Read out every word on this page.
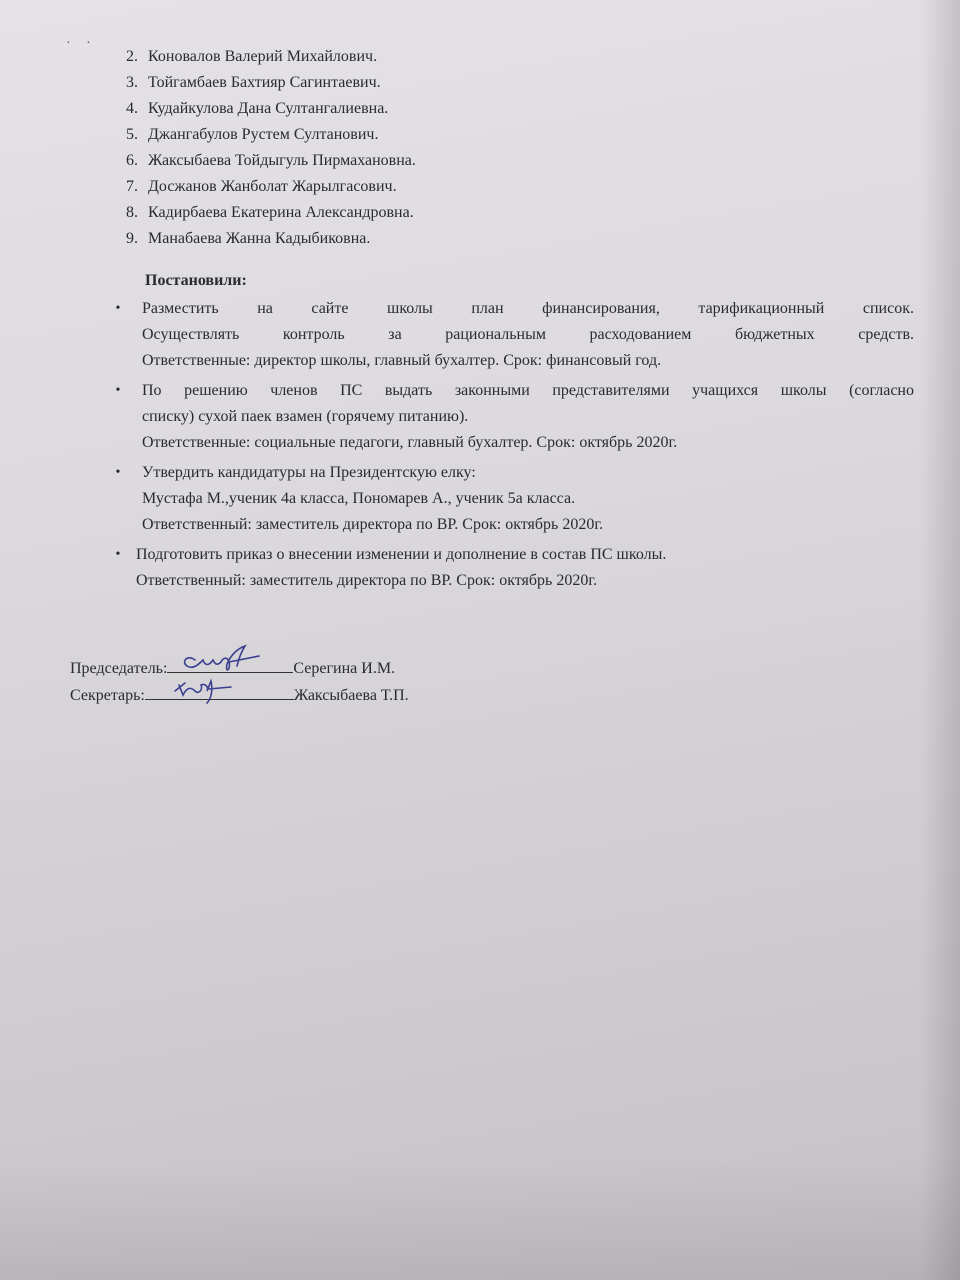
· ·
2. Коновалов Валерий Михайлович.
3. Тойгамбаев Бахтияр Сагинтаевич.
4. Кудайкулова Дана Султангалиевна.
5. Джангабулов Рустем Султанович.
6. Жаксыбаева Тойдыгуль Пирмахановна.
7. Досжанов Жанболат Жарылгасович.
8. Кадирбаева Екатерина Александровна.
9. Манабаева Жанна Кадыбиковна.
Постановили:
•	Разместить на сайте школы план финансирования, тарификационный список.
Осуществлять контроль за рациональным расходованием бюджетных средств.
Ответственные: директор школы, главный бухалтер. Срок: финансовый год.
•	По решению членов ПС выдать законными представителями учащихся школы (согласно
списку) сухой паек взамен (горячему питанию).
Ответственные: социальные педагоги, главный бухалтер. Срок: октябрь 2020г.
•	Утвердить кандидатуры на Президентскую елку:
Мустафа М.,ученик 4а класса, Пономарев А., ученик 5а класса.
Ответственный: заместитель директора по ВР. Срок: октябрь 2020г.
• Подготовить приказ о внесении изменении и дополнение в состав ПС школы.
Ответственный: заместитель директора по ВР. Срок: октябрь 2020г.
Председатель:	Серегина И.М.
Секретарь:	Жаксыбаева Т.П.
